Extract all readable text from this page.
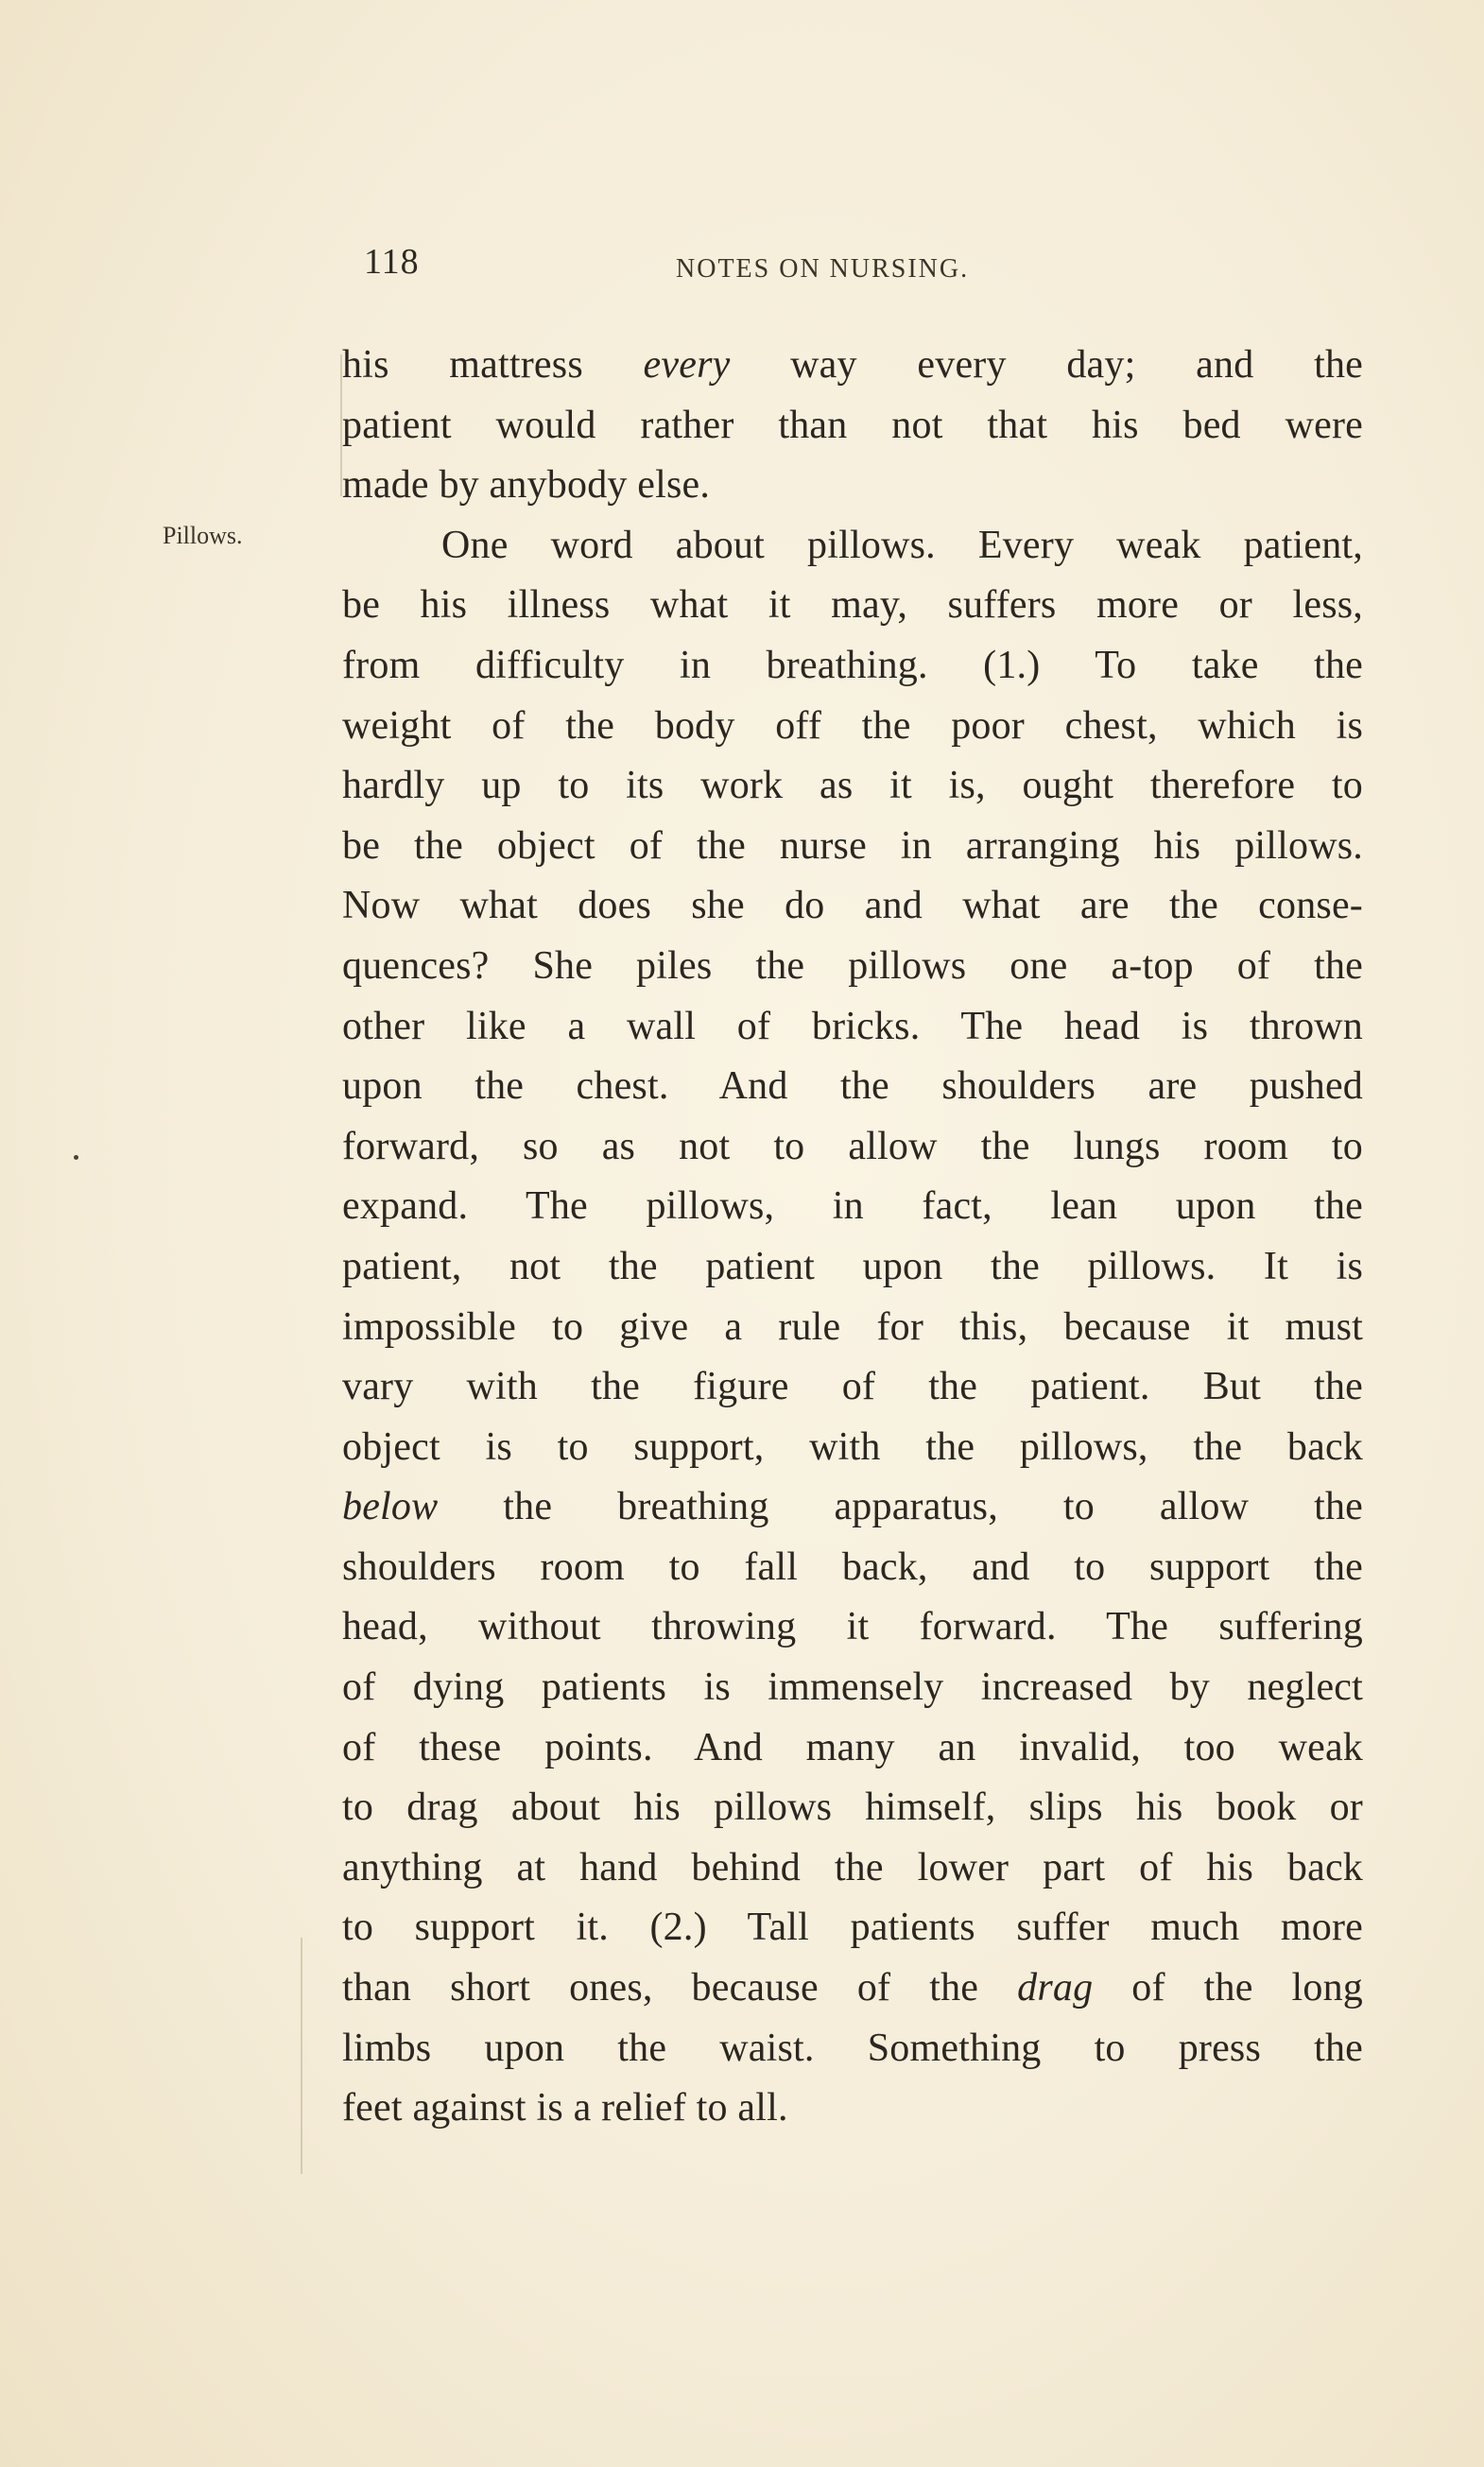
118	NOTES ON NURSING.
Pillows.
his mattress every way every day; and the
patient would rather than not that his bed were
made by anybody else.
One word about pillows. Every weak patient,
be his illness what it may, suffers more or less,
from difficulty in breathing. (1.) To take the
weight of the body off the poor chest, which is
hardly up to its work as it is, ought therefore to
be the object of the nurse in arranging his pillows.
Now what does she do and what are the conse-
quences? She piles the pillows one a-top of the
other like a wall of bricks. The head is thrown
upon the chest. And the shoulders are pushed
forward, so as not to allow the lungs room to
expand. The pillows, in fact, lean upon the
patient, not the patient upon the pillows. It is
impossible to give a rule for this, because it must
vary with the figure of the patient. But the
object is to support, with the pillows, the back
below the breathing apparatus, to allow the
shoulders room to fall back, and to support the
head, without throwing it forward. The suffering
of dying patients is immensely increased by neglect
of these points. And many an invalid, too weak
to drag about his pillows himself, slips his book or
anything at hand behind the lower part of his back
to support it. (2.) Tall patients suffer much more
than short ones, because of the drag of the long
limbs upon the waist. Something to press the
feet against is a relief to all.
